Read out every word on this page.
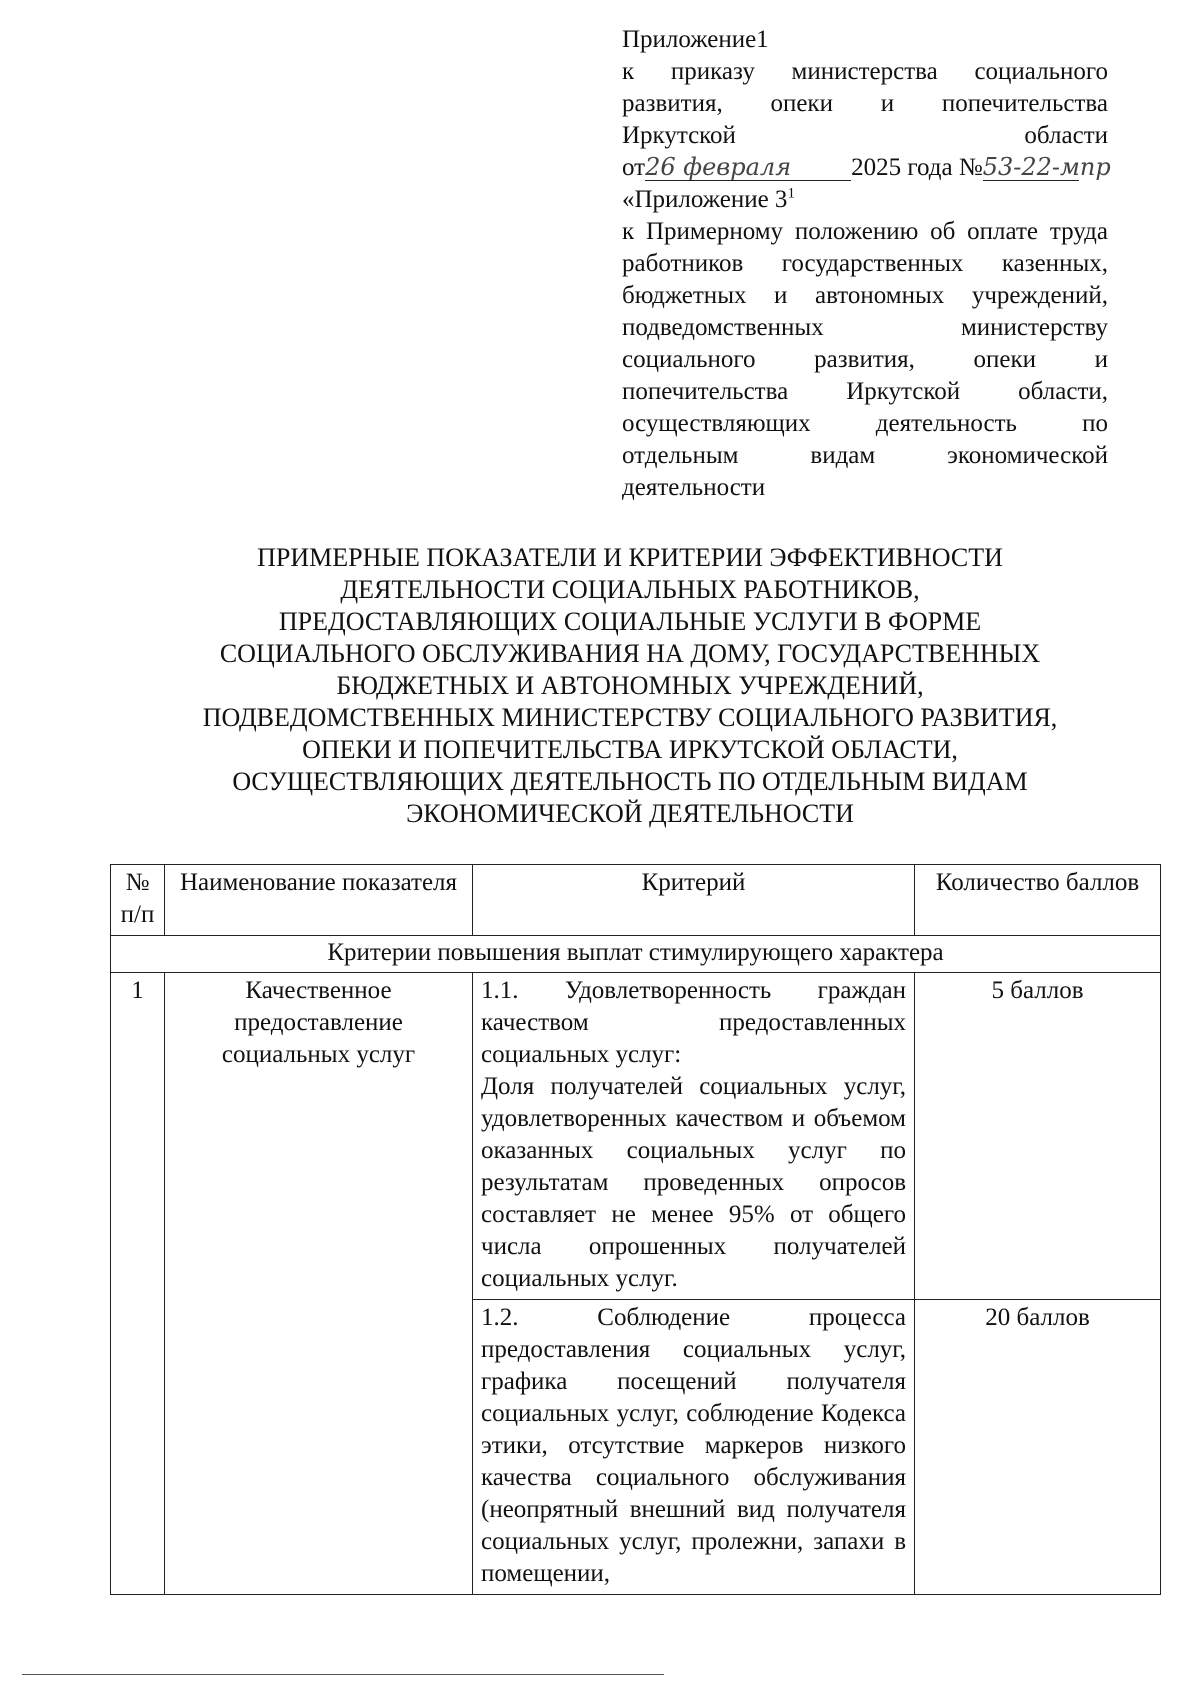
Приложение1
к приказу министерства социального
развития, опеки и попечительства
Иркутской области
от26 февраля 2025 года №53-22-мпр
«Приложение $3^1$
к Примерному положению об оплате труда работников государственных казенных, бюджетных и автономных учреждений, подведомственных министерству социального развития, опеки и попечительства Иркутской области, осуществляющих деятельность по отдельным видам экономической деятельности
ПРИМЕРНЫЕ ПОКАЗАТЕЛИ И КРИТЕРИИ ЭФФЕКТИВНОСТИ
ДЕЯТЕЛЬНОСТИ СОЦИАЛЬНЫХ РАБОТНИКОВ,
ПРЕДОСТАВЛЯЮЩИХ СОЦИАЛЬНЫЕ УСЛУГИ В ФОРМЕ
СОЦИАЛЬНОГО ОБСЛУЖИВАНИЯ НА ДОМУ, ГОСУДАРСТВЕННЫХ
БЮДЖЕТНЫХ И АВТОНОМНЫХ УЧРЕЖДЕНИЙ,
ПОДВЕДОМСТВЕННЫХ МИНИСТЕРСТВУ СОЦИАЛЬНОГО РАЗВИТИЯ,
ОПЕКИ И ПОПЕЧИТЕЛЬСТВА ИРКУТСКОЙ ОБЛАСТИ,
ОСУЩЕСТВЛЯЮЩИХ ДЕЯТЕЛЬНОСТЬ ПО ОТДЕЛЬНЫМ ВИДАМ
ЭКОНОМИЧЕСКОЙ ДЕЯТЕЛЬНОСТИ
№ п/п	Наименование показателя	Критерий	Количество баллов
Критерии повышения выплат стимулирующего характера			
1	Качественное предоставление социальных услуг	1.1. Удовлетворенность граждан качеством предоставленных социальных услуг:
Доля получателей социальных услуг, удовлетворенных качеством и объемом оказанных социальных услуг по результатам проведенных опросов составляет не менее 95% от общего числа опрошенных получателей социальных услуг.	5 баллов
		1.2. Соблюдение процесса предоставления социальных услуг, графика посещений получателя социальных услуг, соблюдение Кодекса этики, отсутствие маркеров низкого качества социального обслуживания (неопрятный внешний вид получателя социальных услуг, пролежни, запахи в помещении,	20 баллов
